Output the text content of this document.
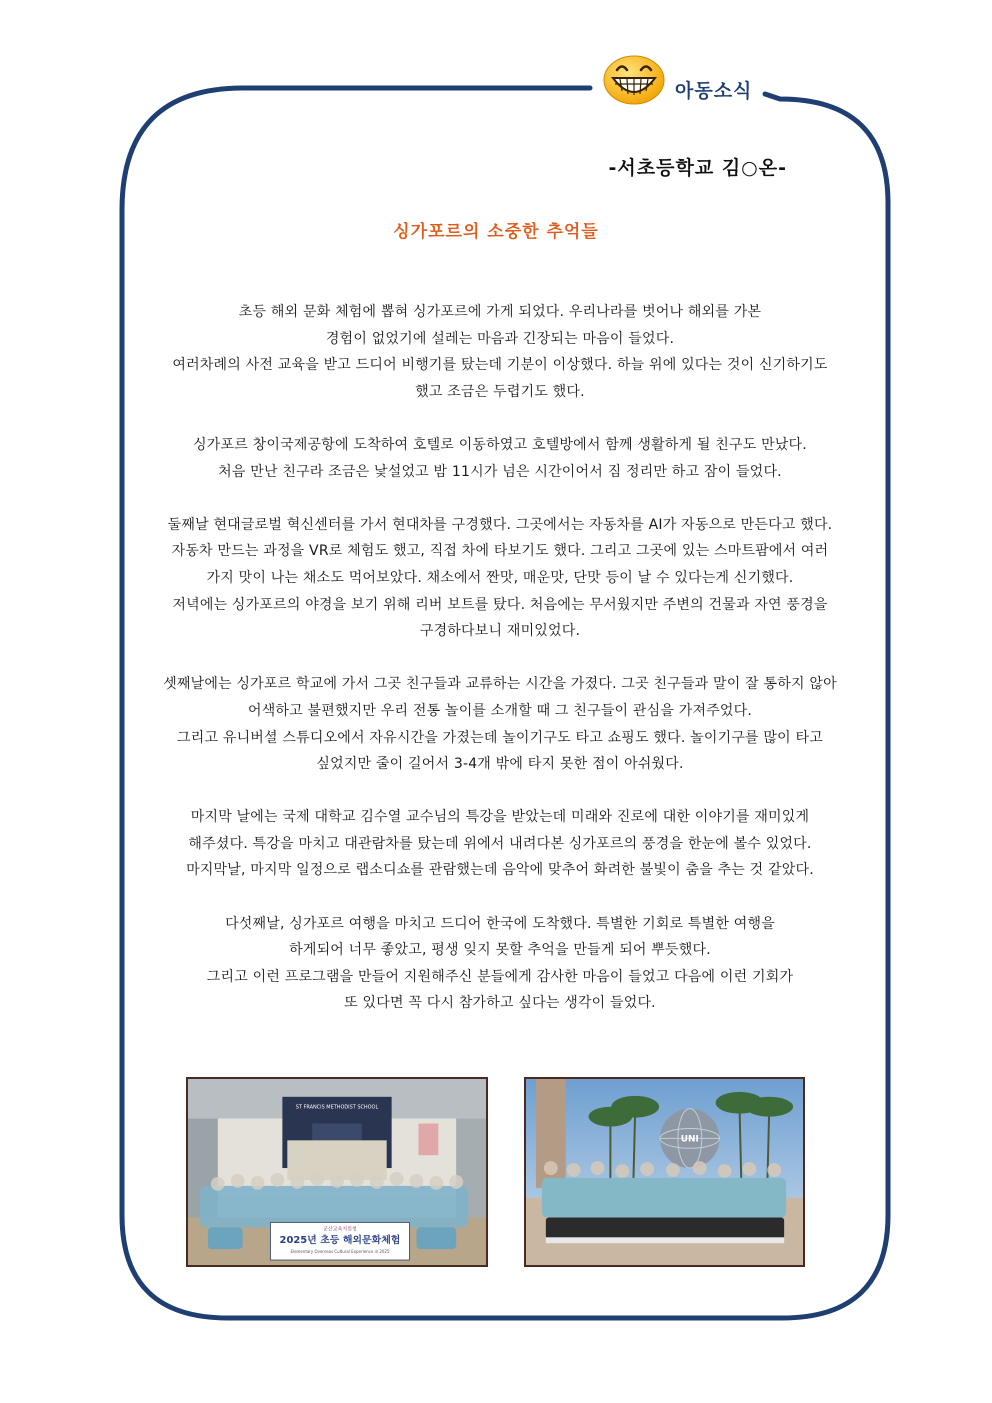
아동소식
-서초등학교 김○온-
싱가포르의 소중한 추억들

초등 해외 문화 체험에 뽑혀 싱가포르에 가게 되었다. 우리나라를 벗어나 해외를 가본
경험이 없었기에 설레는 마음과 긴장되는 마음이 들었다.
여러차례의 사전 교육을 받고 드디어 비행기를 탔는데 기분이 이상했다. 하늘 위에 있다는 것이 신기하기도
했고 조금은 두렵기도 했다.

싱가포르 창이국제공항에 도착하여 호텔로 이동하였고 호텔방에서 함께 생활하게 될 친구도 만났다.
처음 만난 친구라 조금은 낯설었고 밤 11시가 넘은 시간이어서 짐 정리만 하고 잠이 들었다.

둘째날 현대글로벌 혁신센터를 가서 현대차를 구경했다. 그곳에서는 자동차를 AI가 자동으로 만든다고 했다.
자동차 만드는 과정을 VR로 체험도 했고, 직접 차에 타보기도 했다. 그리고 그곳에 있는 스마트팜에서 여러
가지 맛이 나는 채소도 먹어보았다. 채소에서 짠맛, 매운맛, 단맛 등이 날 수 있다는게 신기했다.
저녁에는 싱가포르의 야경을 보기 위해 리버 보트를 탔다. 처음에는 무서웠지만 주변의 건물과 자연 풍경을
구경하다보니 재미있었다.

셋째날에는 싱가포르 학교에 가서 그곳 친구들과 교류하는 시간을 가졌다. 그곳 친구들과 말이 잘 통하지 않아
어색하고 불편했지만 우리 전통 놀이를 소개할 때 그 친구들이 관심을 가져주었다.
그리고 유니버셜 스튜디오에서 자유시간을 가졌는데 놀이기구도 타고 쇼핑도 했다. 놀이기구를 많이 타고
싶었지만 줄이 길어서 3-4개 밖에 타지 못한 점이 아쉬웠다.

마지막 날에는 국제 대학교 김수열 교수님의 특강을 받았는데 미래와 진로에 대한 이야기를 재미있게
해주셨다. 특강을 마치고 대관람차를 탔는데 위에서 내려다본 싱가포르의 풍경을 한눈에 볼수 있었다.
마지막날, 마지막 일정으로 랩소디쇼를 관람했는데 음악에 맞추어 화려한 불빛이 춤을 추는 것 같았다.

다섯째날, 싱가포르 여행을 마치고 드디어 한국에 도착했다. 특별한 기회로 특별한 여행을
하게되어 너무 좋았고, 평생 잊지 못할 추억을 만들게 되어 뿌듯했다.
그리고 이런 프로그램을 만들어 지원해주신 분들에게 감사한 마음이 들었고 다음에 이런 기회가
또 있다면 꼭 다시 참가하고 싶다는 생각이 들었다.

ST FRANCIS METHODIST SCHOOL
군산교육지원청
2025년 초등 해외문화체험
Elementary Overseas Cultural Experience in 2025
UNI
